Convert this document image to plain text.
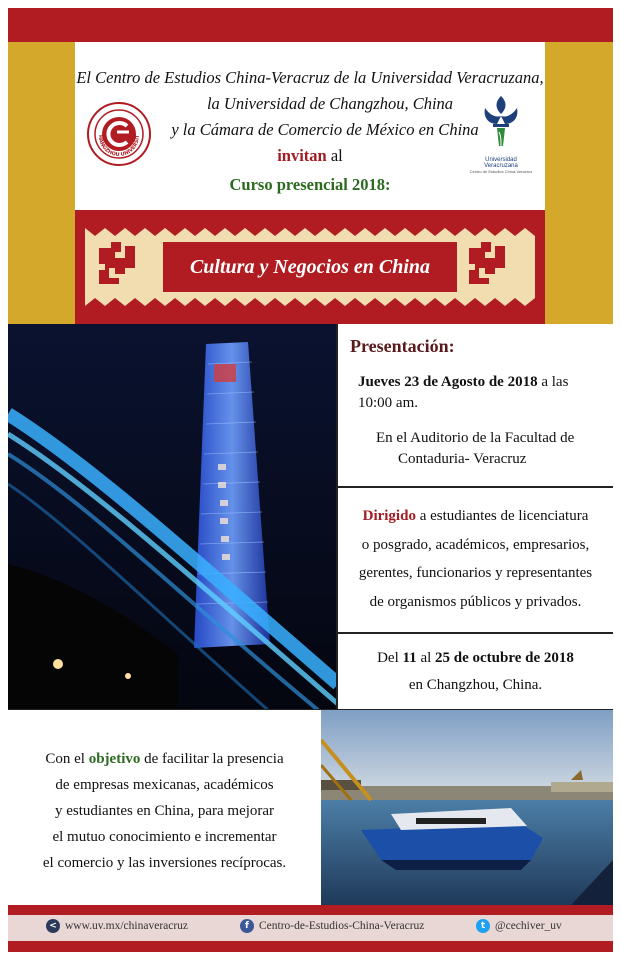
El Centro de Estudios China-Veracruz de la Universidad Veracruzana,
la Universidad de Changzhou, China
y la Cámara de Comercio de México en China
invitan al
Curso presencial 2018:
HANGZHOU UNIVERSIT
Universidad Veracruzana
Centro de Estudios China-Veracruz
Cultura y Negocios en China
Presentación:
Jueves 23 de Agosto de 2018 a las
10:00 am.
En el Auditorio de la Facultad de
Contaduria- Veracruz
Dirigido a estudiantes de licenciatura
o posgrado, académicos, empresarios,
gerentes, funcionarios y representantes
de organismos públicos y privados.
Del 11 al 25 de octubre de 2018
en Changzhou, China.
Con el objetivo de facilitar la presencia
de empresas mexicanas, académicos
y estudiantes en China, para mejorar
el mutuo conocimiento e incrementar
el comercio y las inversiones recíprocas.
< www.uv.mx/chinaveracruz	f Centro-de-Estudios-China-Veracruz	t @cechiver_uv
